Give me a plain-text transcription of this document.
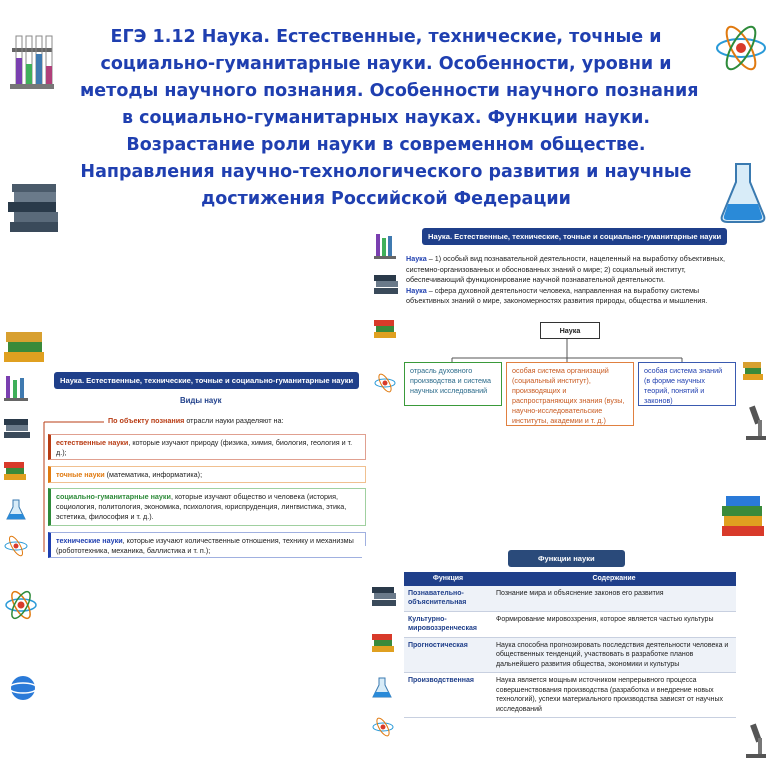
ЕГЭ 1.12 Наука. Естественные, технические, точные и
социально-гуманитарные науки. Особенности, уровни и
методы научного познания. Особенности научного познания
в социально-гуманитарных науках. Функции науки.
Возрастание роли науки в современном обществе.
Направления научно-технологического развития и научные
достижения Российской Федерации
Наука. Естественные, технические, точные и социально-гуманитарные науки
Наука – 1) особый вид познавательной деятельности, нацеленный на выработку объективных, системно-организованных и обоснованных знаний о мире; 2) социальный институт, обеспечивающий функционирование научной познавательной деятельности.
Наука – сфера духовной деятельности человека, направленная на выработку системы объективных знаний о мире, закономерностях развития природы, общества и мышления.
Наука
отрасль духовного производства и система научных исследований
особая система организаций (социальный институт), производящих и распространяющих знания (вузы, научно-исследовательские институты, академии и т. д.)
особая система знаний (в форме научных теорий, понятий и законов)
Наука. Естественные, технические, точные и социально-гуманитарные науки
Виды наук
По объекту познания отрасли науки разделяют на:
естественные науки, которые изучают природу (физика, химия, биология, геология и т. д.);
точные науки (математика, информатика);
социально-гуманитарные науки, которые изучают общество и человека (история, социология, политология, экономика, психология, юриспруденция, лингвистика, этика, эстетика, философия и т. д.).
технические науки, которые изучают количественные отношения, технику и механизмы (робототехника, механика, баллистика и т. п.);
Функции науки
Функция	Содержание
Познавательно-объяснительная	Познание мира и объяснение законов его развития
Культурно-мировоззренческая	Формирование мировоззрения, которое является частью культуры
Прогностическая	Наука способна прогнозировать последствия деятельности человека и общественных тенденций, участвовать в разработке планов дальнейшего развития общества, экономики и культуры
Производственная	Наука является мощным источником непрерывного процесса совершенствования производства (разработка и внедрение новых технологий), успехи материального производства зависят от научных исследований
